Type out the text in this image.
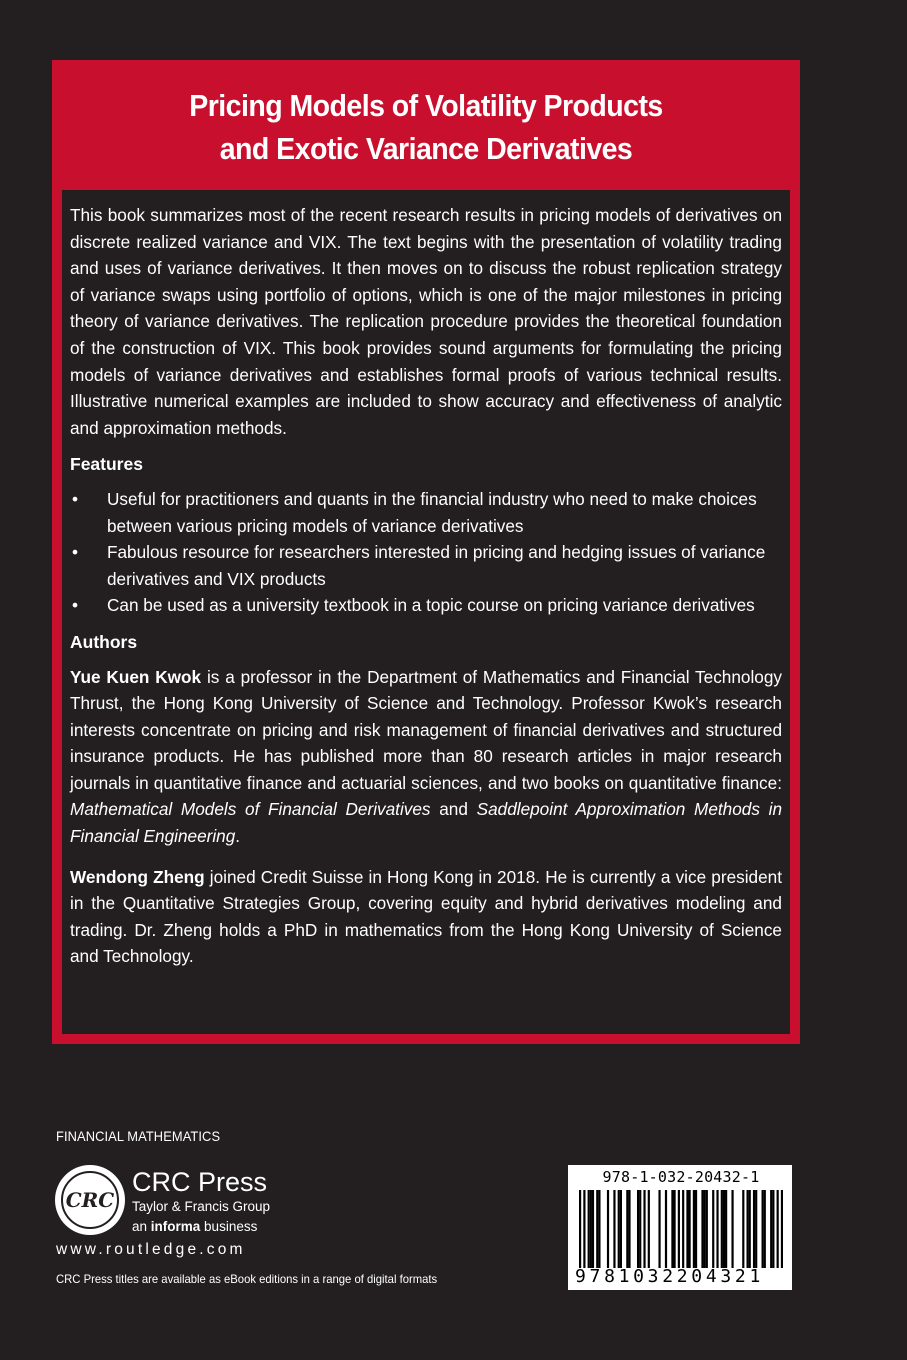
Pricing Models of Volatility Products
and Exotic Variance Derivatives

This book summarizes most of the recent research results in pricing models of derivatives on discrete realized variance and VIX. The text begins with the presentation of volatility trading and uses of variance derivatives. It then moves on to discuss the robust replication strategy of variance swaps using portfolio of options, which is one of the major milestones in pricing theory of variance derivatives. The replication procedure provides the theoretical foundation of the construction of VIX. This book provides sound arguments for formulating the pricing models of variance derivatives and establishes formal proofs of various technical results. Illustrative numerical examples are included to show accuracy and effectiveness of analytic and approximation methods.

Features
• Useful for practitioners and quants in the financial industry who need to make choices between various pricing models of variance derivatives
• Fabulous resource for researchers interested in pricing and hedging issues of variance derivatives and VIX products
• Can be used as a university textbook in a topic course on pricing variance derivatives
Authors

Yue Kuen Kwok is a professor in the Department of Mathematics and Financial Technology Thrust, the Hong Kong University of Science and Technology. Professor Kwok’s research interests concentrate on pricing and risk management of financial derivatives and structured insurance products. He has published more than 80 research articles in major research journals in quantitative finance and actuarial sciences, and two books on quantitative finance: Mathematical Models of Financial Derivatives and Saddlepoint Approximation Methods in Financial Engineering.

Wendong Zheng joined Credit Suisse in Hong Kong in 2018. He is currently a vice president in the Quantitative Strategies Group, covering equity and hybrid derivatives modeling and trading. Dr. Zheng holds a PhD in mathematics from the Hong Kong University of Science and Technology.

FINANCIAL MATHEMATICS
CRC
CRC Press
Taylor & Francis Group
an informa business
www.routledge.com
CRC Press titles are available as eBook editions in a range of digital formats
978-1-032-20432-1
9781032204321
